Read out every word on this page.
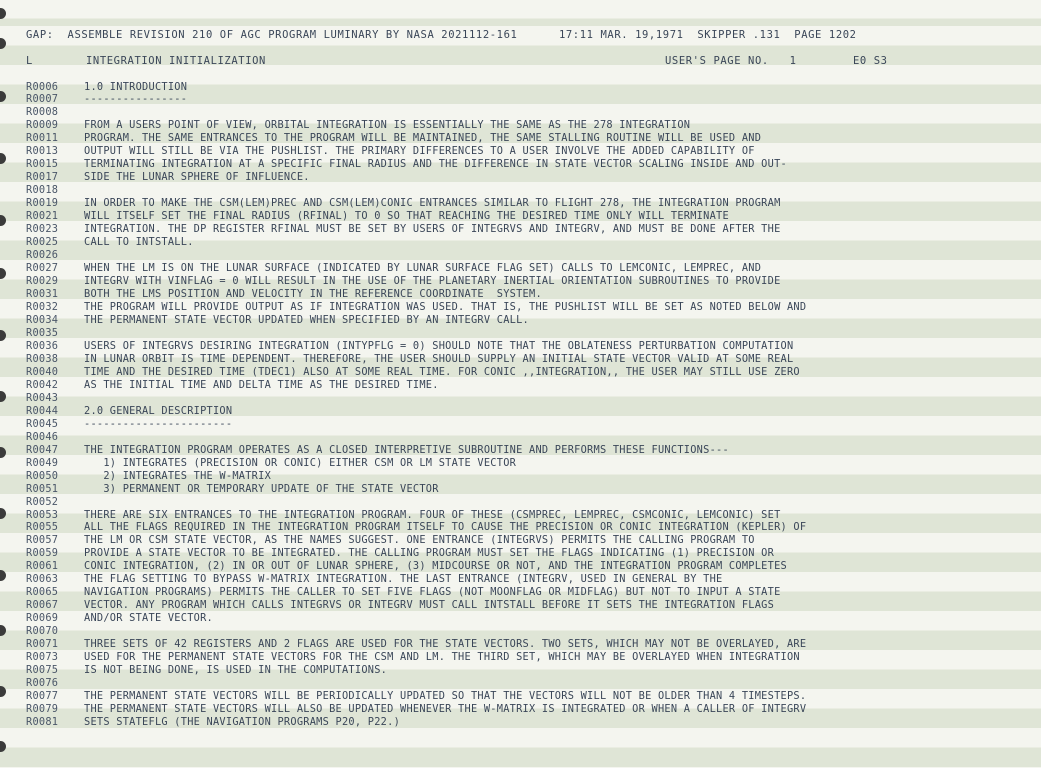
GAP:  ASSEMBLE REVISION 210 OF AGC PROGRAM LUMINARY BY NASA 2021112-161      17:11 MAR. 19,1971  SKIPPER .131  PAGE 1202
L	INTEGRATION INITIALIZATION	USER'S PAGE NO.   1	E0 S3
R0006	1.0 INTRODUCTION
R0007	----------------
R0008
R0009	FROM A USERS POINT OF VIEW, ORBITAL INTEGRATION IS ESSENTIALLY THE SAME AS THE 278 INTEGRATION
R0011	PROGRAM. THE SAME ENTRANCES TO THE PROGRAM WILL BE MAINTAINED, THE SAME STALLING ROUTINE WILL BE USED AND
R0013	OUTPUT WILL STILL BE VIA THE PUSHLIST. THE PRIMARY DIFFERENCES TO A USER INVOLVE THE ADDED CAPABILITY OF
R0015	TERMINATING INTEGRATION AT A SPECIFIC FINAL RADIUS AND THE DIFFERENCE IN STATE VECTOR SCALING INSIDE AND OUT-
R0017	SIDE THE LUNAR SPHERE OF INFLUENCE.
R0018
R0019	IN ORDER TO MAKE THE CSM(LEM)PREC AND CSM(LEM)CONIC ENTRANCES SIMILAR TO FLIGHT 278, THE INTEGRATION PROGRAM
R0021	WILL ITSELF SET THE FINAL RADIUS (RFINAL) TO 0 SO THAT REACHING THE DESIRED TIME ONLY WILL TERMINATE
R0023	INTEGRATION. THE DP REGISTER RFINAL MUST BE SET BY USERS OF INTEGRVS AND INTEGRV, AND MUST BE DONE AFTER THE
R0025	CALL TO INTSTALL.
R0026
R0027	WHEN THE LM IS ON THE LUNAR SURFACE (INDICATED BY LUNAR SURFACE FLAG SET) CALLS TO LEMCONIC, LEMPREC, AND
R0029	INTEGRV WITH VINFLAG = 0 WILL RESULT IN THE USE OF THE PLANETARY INERTIAL ORIENTATION SUBROUTINES TO PROVIDE
R0031	BOTH THE LMS POSITION AND VELOCITY IN THE REFERENCE COORDINATE  SYSTEM.
R0032	THE PROGRAM WILL PROVIDE OUTPUT AS IF INTEGRATION WAS USED. THAT IS, THE PUSHLIST WILL BE SET AS NOTED BELOW AND
R0034	THE PERMANENT STATE VECTOR UPDATED WHEN SPECIFIED BY AN INTEGRV CALL.
R0035
R0036	USERS OF INTEGRVS DESIRING INTEGRATION (INTYPFLG = 0) SHOULD NOTE THAT THE OBLATENESS PERTURBATION COMPUTATION
R0038	IN LUNAR ORBIT IS TIME DEPENDENT. THEREFORE, THE USER SHOULD SUPPLY AN INITIAL STATE VECTOR VALID AT SOME REAL
R0040	TIME AND THE DESIRED TIME (TDEC1) ALSO AT SOME REAL TIME. FOR CONIC ,,INTEGRATION,, THE USER MAY STILL USE ZERO
R0042	AS THE INITIAL TIME AND DELTA TIME AS THE DESIRED TIME.
R0043
R0044	2.0 GENERAL DESCRIPTION
R0045	-----------------------
R0046
R0047	THE INTEGRATION PROGRAM OPERATES AS A CLOSED INTERPRETIVE SUBROUTINE AND PERFORMS THESE FUNCTIONS---
R0049	1) INTEGRATES (PRECISION OR CONIC) EITHER CSM OR LM STATE VECTOR
R0050	2) INTEGRATES THE W-MATRIX
R0051	3) PERMANENT OR TEMPORARY UPDATE OF THE STATE VECTOR
R0052
R0053	THERE ARE SIX ENTRANCES TO THE INTEGRATION PROGRAM. FOUR OF THESE (CSMPREC, LEMPREC, CSMCONIC, LEMCONIC) SET
R0055	ALL THE FLAGS REQUIRED IN THE INTEGRATION PROGRAM ITSELF TO CAUSE THE PRECISION OR CONIC INTEGRATION (KEPLER) OF
R0057	THE LM OR CSM STATE VECTOR, AS THE NAMES SUGGEST. ONE ENTRANCE (INTEGRVS) PERMITS THE CALLING PROGRAM TO
R0059	PROVIDE A STATE VECTOR TO BE INTEGRATED. THE CALLING PROGRAM MUST SET THE FLAGS INDICATING (1) PRECISION OR
R0061	CONIC INTEGRATION, (2) IN OR OUT OF LUNAR SPHERE, (3) MIDCOURSE OR NOT, AND THE INTEGRATION PROGRAM COMPLETES
R0063	THE FLAG SETTING TO BYPASS W-MATRIX INTEGRATION. THE LAST ENTRANCE (INTEGRV, USED IN GENERAL BY THE
R0065	NAVIGATION PROGRAMS) PERMITS THE CALLER TO SET FIVE FLAGS (NOT MOONFLAG OR MIDFLAG) BUT NOT TO INPUT A STATE
R0067	VECTOR. ANY PROGRAM WHICH CALLS INTEGRVS OR INTEGRV MUST CALL INTSTALL BEFORE IT SETS THE INTEGRATION FLAGS
R0069	AND/OR STATE VECTOR.
R0070
R0071	THREE SETS OF 42 REGISTERS AND 2 FLAGS ARE USED FOR THE STATE VECTORS. TWO SETS, WHICH MAY NOT BE OVERLAYED, ARE
R0073	USED FOR THE PERMANENT STATE VECTORS FOR THE CSM AND LM. THE THIRD SET, WHICH MAY BE OVERLAYED WHEN INTEGRATION
R0075	IS NOT BEING DONE, IS USED IN THE COMPUTATIONS.
R0076
R0077	THE PERMANENT STATE VECTORS WILL BE PERIODICALLY UPDATED SO THAT THE VECTORS WILL NOT BE OLDER THAN 4 TIMESTEPS.
R0079	THE PERMANENT STATE VECTORS WILL ALSO BE UPDATED WHENEVER THE W-MATRIX IS INTEGRATED OR WHEN A CALLER OF INTEGRV
R0081	SETS STATEFLG (THE NAVIGATION PROGRAMS P20, P22.)
